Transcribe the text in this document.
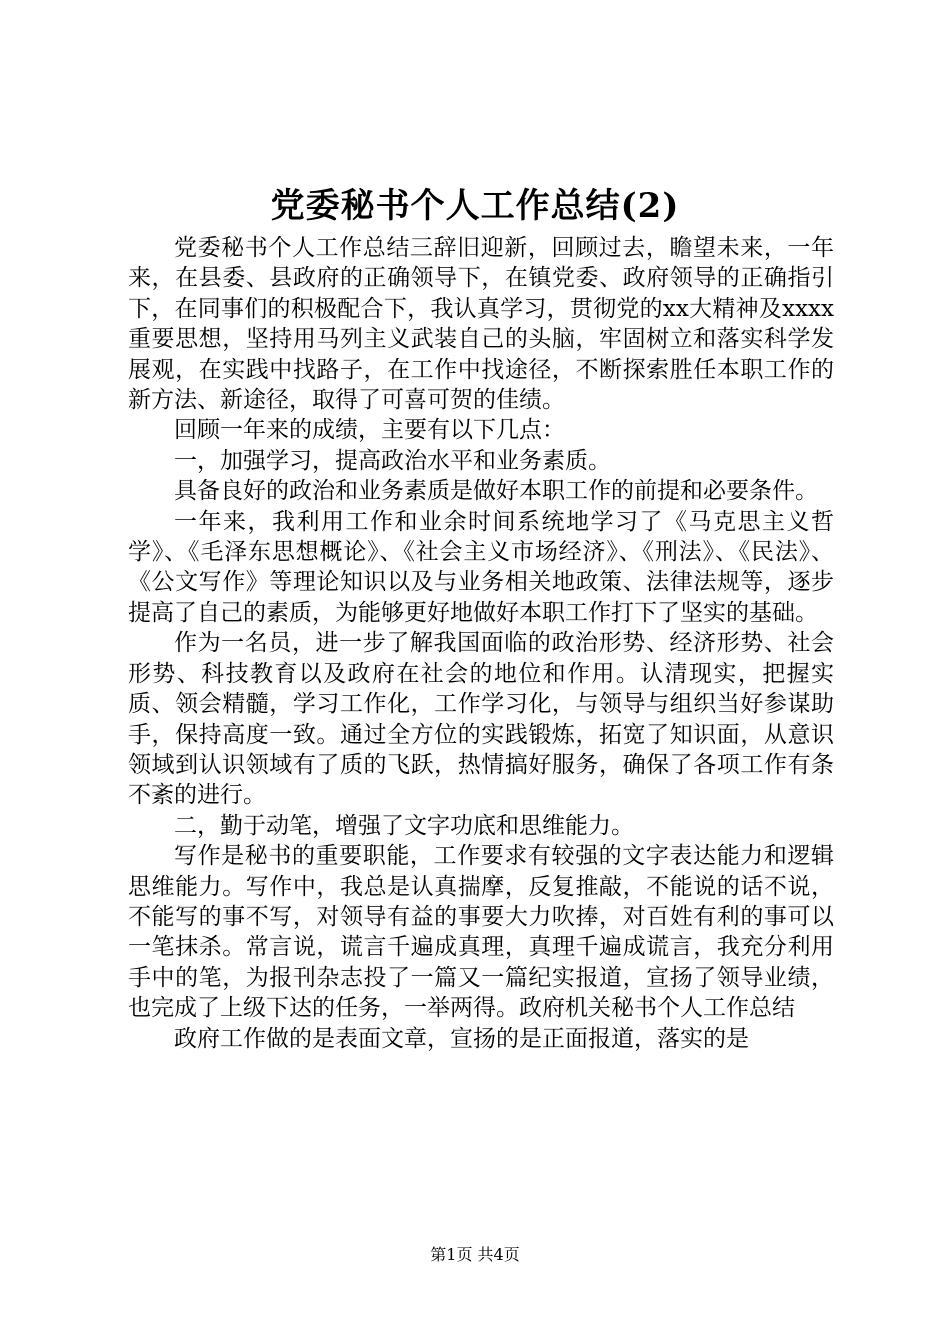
党委秘书个人工作总结(2)

党委秘书个人工作总结三辞旧迎新，回顾过去，瞻望未来，一年来，在县委、县政府的正确领导下，在镇党委、政府领导的正确指引下，在同事们的积极配合下，我认真学习，贯彻党的xx大精神及xxxx重要思想，坚持用马列主义武装自己的头脑，牢固树立和落实科学发展观，在实践中找路子，在工作中找途径，不断探索胜任本职工作的新方法、新途径，取得了可喜可贺的佳绩。

回顾一年来的成绩，主要有以下几点：

一，加强学习，提高政治水平和业务素质。

具备良好的政治和业务素质是做好本职工作的前提和必要条件。

一年来，我利用工作和业余时间系统地学习了《马克思主义哲学》、《毛泽东思想概论》、《社会主义市场经济》、《刑法》、《民法》、《公文写作》等理论知识以及与业务相关地政策、法律法规等，逐步提高了自己的素质，为能够更好地做好本职工作打下了坚实的基础。

作为一名员，进一步了解我国面临的政治形势、经济形势、社会形势、科技教育以及政府在社会的地位和作用。认清现实，把握实质、领会精髓，学习工作化，工作学习化，与领导与组织当好参谋助手，保持高度一致。通过全方位的实践锻炼，拓宽了知识面，从意识领域到认识领域有了质的飞跃，热情搞好服务，确保了各项工作有条不紊的进行。

二，勤于动笔，增强了文字功底和思维能力。

写作是秘书的重要职能，工作要求有较强的文字表达能力和逻辑思维能力。写作中，我总是认真揣摩，反复推敲，不能说的话不说，不能写的事不写，对领导有益的事要大力吹捧，对百姓有利的事可以一笔抹杀。常言说，谎言千遍成真理，真理千遍成谎言，我充分利用手中的笔，为报刊杂志投了一篇又一篇纪实报道，宣扬了领导业绩，也完成了上级下达的任务，一举两得。政府机关秘书个人工作总结

政府工作做的是表面文章，宣扬的是正面报道，落实的是

第1页 共4页
